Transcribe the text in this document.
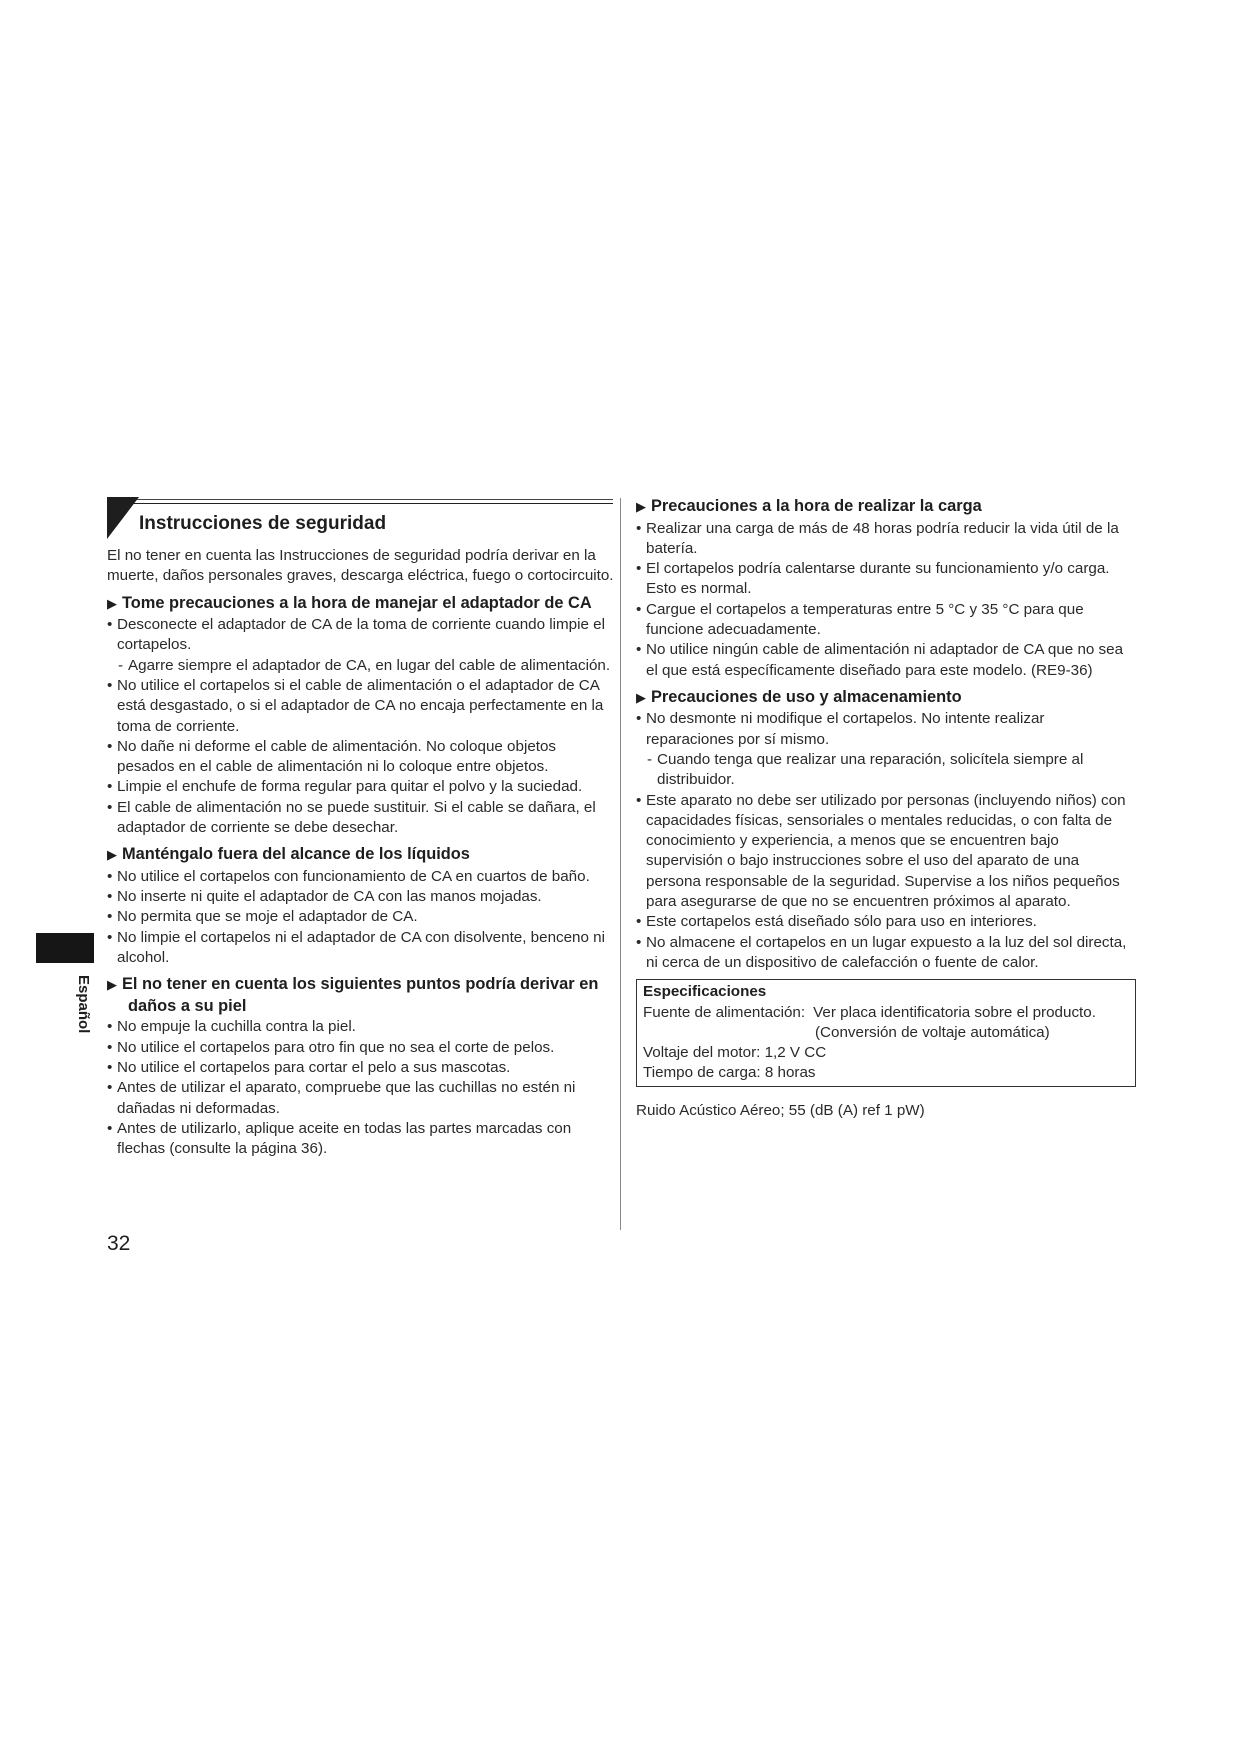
Instrucciones de seguridad
Español

El no tener en cuenta las Instrucciones de seguridad podría derivar en la muerte, daños personales graves, descarga eléctrica, fuego o cortocircuito.

▶ Tome precauciones a la hora de manejar el adaptador de CA
• Desconecte el adaptador de CA de la toma de corriente cuando limpie el cortapelos.
- Agarre siempre el adaptador de CA, en lugar del cable de alimentación.
• No utilice el cortapelos si el cable de alimentación o el adaptador de CA está desgastado, o si el adaptador de CA no encaja perfectamente en la toma de corriente.
• No dañe ni deforme el cable de alimentación. No coloque objetos pesados en el cable de alimentación ni lo coloque entre objetos.
• Limpie el enchufe de forma regular para quitar el polvo y la suciedad.
• El cable de alimentación no se puede sustituir. Si el cable se dañara, el adaptador de corriente se debe desechar.
▶ Manténgalo fuera del alcance de los líquidos
• No utilice el cortapelos con funcionamiento de CA en cuartos de baño.
• No inserte ni quite el adaptador de CA con las manos mojadas.
• No permita que se moje el adaptador de CA.
• No limpie el cortapelos ni el adaptador de CA con disolvente, benceno ni alcohol.
▶ El no tener en cuenta los siguientes puntos podría derivar en daños a su piel
• No empuje la cuchilla contra la piel.
• No utilice el cortapelos para otro fin que no sea el corte de pelos.
• No utilice el cortapelos para cortar el pelo a sus mascotas.
• Antes de utilizar el aparato, compruebe que las cuchillas no estén ni dañadas ni deformadas.
• Antes de utilizarlo, aplique aceite en todas las partes marcadas con flechas (consulte la página 36).
▶ Precauciones a la hora de realizar la carga
• Realizar una carga de más de 48 horas podría reducir la vida útil de la batería.
• El cortapelos podría calentarse durante su funcionamiento y/o carga. Esto es normal.
• Cargue el cortapelos a temperaturas entre 5 °C y 35 °C para que funcione adecuadamente.
• No utilice ningún cable de alimentación ni adaptador de CA que no sea el que está específicamente diseñado para este modelo. (RE9-36)
▶ Precauciones de uso y almacenamiento
• No desmonte ni modifique el cortapelos. No intente realizar reparaciones por sí mismo.
- Cuando tenga que realizar una reparación, solicítela siempre al distribuidor.
• Este aparato no debe ser utilizado por personas (incluyendo niños) con capacidades físicas, sensoriales o mentales reducidas, o con falta de conocimiento y experiencia, a menos que se encuentren bajo supervisión o bajo instrucciones sobre el uso del aparato de una persona responsable de la seguridad. Supervise a los niños pequeños para asegurarse de que no se encuentren próximos al aparato.
• Este cortapelos está diseñado sólo para uso en interiores.
• No almacene el cortapelos en un lugar expuesto a la luz del sol directa, ni cerca de un dispositivo de calefacción o fuente de calor.
Especificaciones
Fuente de alimentación: Ver placa identificatoria sobre el producto.
(Conversión de voltaje automática)
Voltaje del motor: 1,2 V CC
Tiempo de carga: 8 horas
Ruido Acústico Aéreo; 55 (dB (A) ref 1 pW)
32
